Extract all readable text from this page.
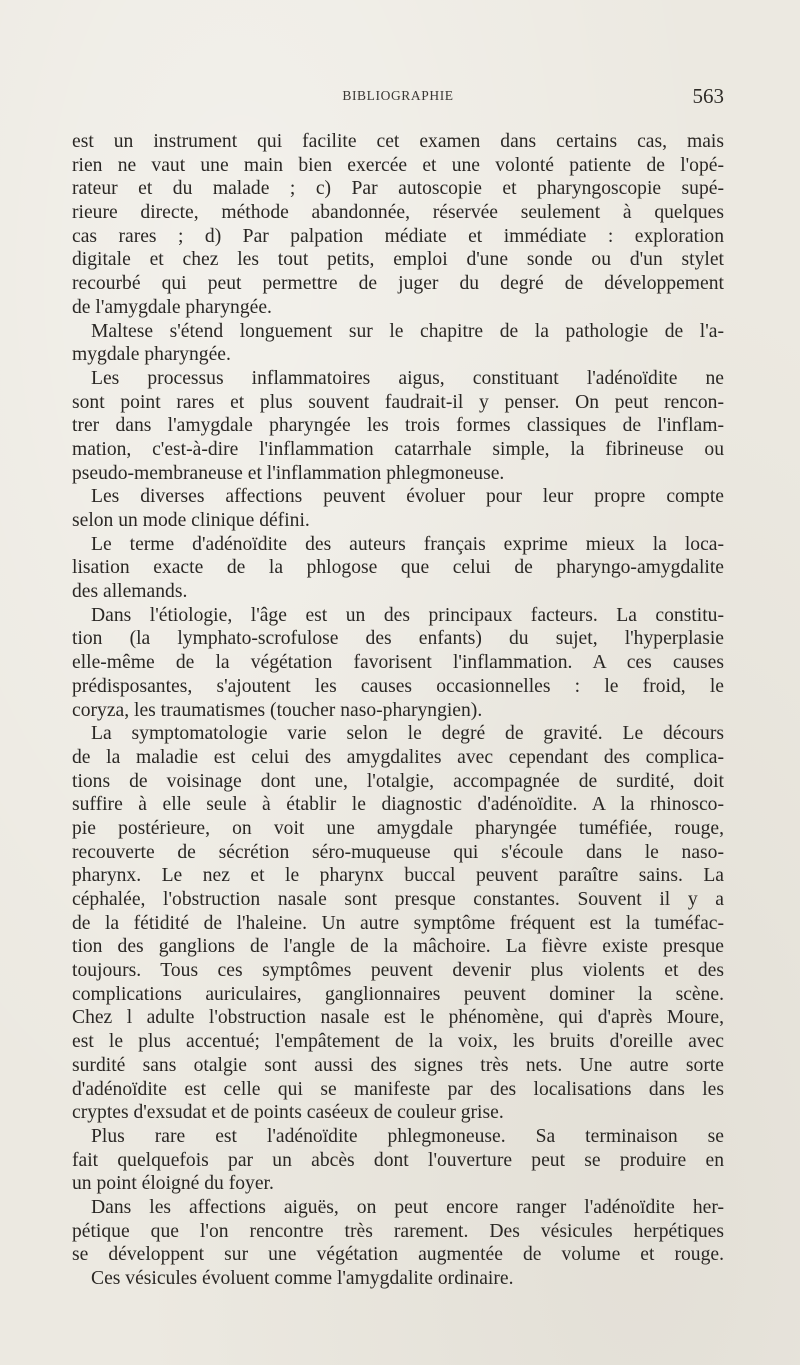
BIBLIOGRAPHIE	563
est un instrument qui facilite cet examen dans certains cas, mais
rien ne vaut une main bien exercée et une volonté patiente de l'opé-
rateur et du malade ; c) Par autoscopie et pharyngoscopie supé-
rieure directe, méthode abandonnée, réservée seulement à quelques
cas rares ; d) Par palpation médiate et immédiate : exploration
digitale et chez les tout petits, emploi d'une sonde ou d'un stylet
recourbé qui peut permettre de juger du degré de développement
de l'amygdale pharyngée.
Maltese s'étend longuement sur le chapitre de la pathologie de l'a-
mygdale pharyngée.
Les processus inflammatoires aigus, constituant l'adénoïdite ne
sont point rares et plus souvent faudrait-il y penser. On peut rencon-
trer dans l'amygdale pharyngée les trois formes classiques de l'inflam-
mation, c'est-à-dire l'inflammation catarrhale simple, la fibrineuse ou
pseudo-membraneuse et l'inflammation phlegmoneuse.
Les diverses affections peuvent évoluer pour leur propre compte
selon un mode clinique défini.
Le terme d'adénoïdite des auteurs français exprime mieux la loca-
lisation exacte de la phlogose que celui de pharyngo-amygdalite
des allemands.
Dans l'étiologie, l'âge est un des principaux facteurs. La constitu-
tion (la lymphato-scrofulose des enfants) du sujet, l'hyperplasie
elle-même de la végétation favorisent l'inflammation. A ces causes
prédisposantes, s'ajoutent les causes occasionnelles : le froid, le
coryza, les traumatismes (toucher naso-pharyngien).
La symptomatologie varie selon le degré de gravité. Le décours
de la maladie est celui des amygdalites avec cependant des complica-
tions de voisinage dont une, l'otalgie, accompagnée de surdité, doit
suffire à elle seule à établir le diagnostic d'adénoïdite. A la rhinosco-
pie postérieure, on voit une amygdale pharyngée tuméfiée, rouge,
recouverte de sécrétion séro-muqueuse qui s'écoule dans le naso-
pharynx. Le nez et le pharynx buccal peuvent paraître sains. La
céphalée, l'obstruction nasale sont presque constantes. Souvent il y a
de la fétidité de l'haleine. Un autre symptôme fréquent est la tuméfac-
tion des ganglions de l'angle de la mâchoire. La fièvre existe presque
toujours. Tous ces symptômes peuvent devenir plus violents et des
complications auriculaires, ganglionnaires peuvent dominer la scène.
Chez l adulte l'obstruction nasale est le phénomène, qui d'après Moure,
est le plus accentué; l'empâtement de la voix, les bruits d'oreille avec
surdité sans otalgie sont aussi des signes très nets. Une autre sorte
d'adénoïdite est celle qui se manifeste par des localisations dans les
cryptes d'exsudat et de points caséeux de couleur grise.
Plus rare est l'adénoïdite phlegmoneuse. Sa terminaison se
fait quelquefois par un abcès dont l'ouverture peut se produire en
un point éloigné du foyer.
Dans les affections aiguës, on peut encore ranger l'adénoïdite her-
pétique que l'on rencontre très rarement. Des vésicules herpétiques
se développent sur une végétation augmentée de volume et rouge.
Ces vésicules évoluent comme l'amygdalite ordinaire.
